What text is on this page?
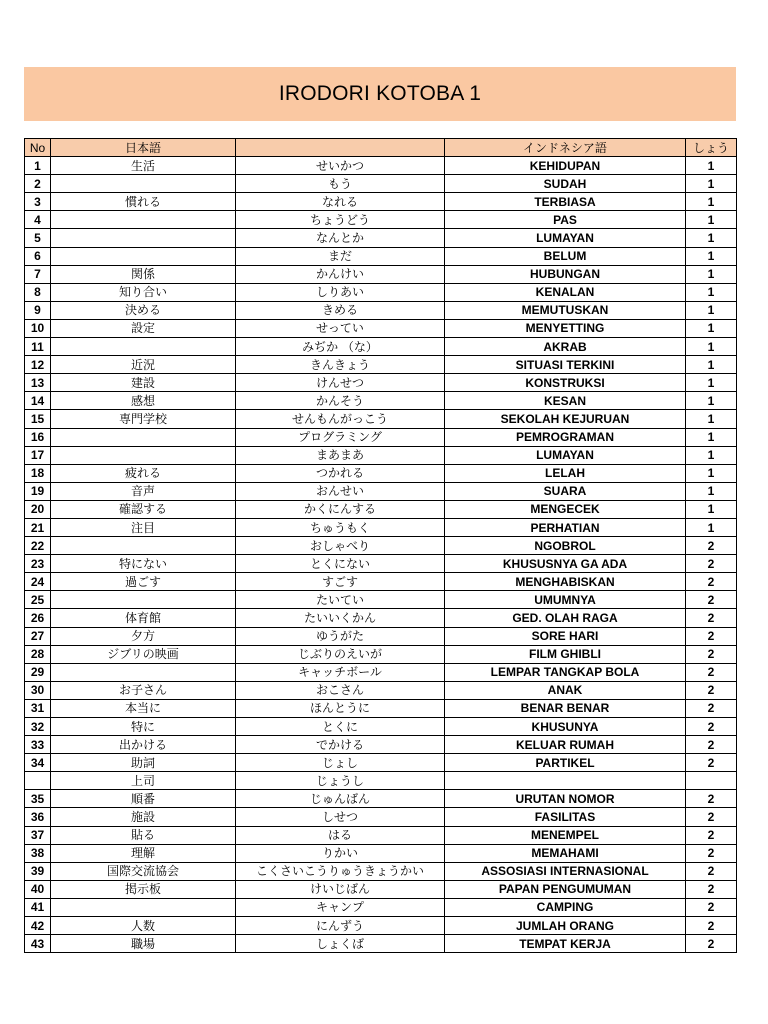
IRODORI KOTOBA 1
No	日本語		インドネシア語	しょう
1	生活	せいかつ	KEHIDUPAN	1
2		もう	SUDAH	1
3	慣れる	なれる	TERBIASA	1
4		ちょうどう	PAS	1
5		なんとか	LUMAYAN	1
6		まだ	BELUM	1
7	関係	かんけい	HUBUNGAN	1
8	知り合い	しりあい	KENALAN	1
9	決める	きめる	MEMUTUSKAN	1
10	設定	せってい	MENYETTING	1
11		みぢか （な）	AKRAB	1
12	近況	きんきょう	SITUASI TERKINI	1
13	建設	けんせつ	KONSTRUKSI	1
14	感想	かんそう	KESAN	1
15	専門学校	せんもんがっこう	SEKOLAH KEJURUAN	1
16		プログラミング	PEMROGRAMAN	1
17		まあまあ	LUMAYAN	1
18	疲れる	つかれる	LELAH	1
19	音声	おんせい	SUARA	1
20	確認する	かくにんする	MENGECEK	1
21	注目	ちゅうもく	PERHATIAN	1
22		おしゃべり	NGOBROL	2
23	特にない	とくにない	KHUSUSNYA GA ADA	2
24	過ごす	すごす	MENGHABISKAN	2
25		たいてい	UMUMNYA	2
26	体育館	たいいくかん	GED. OLAH RAGA	2
27	夕方	ゆうがた	SORE HARI	2
28	ジブリの映画	じぶりのえいが	FILM GHIBLI	2
29		キャッチボール	LEMPAR TANGKAP BOLA	2
30	お子さん	おこさん	ANAK	2
31	本当に	ほんとうに	BENAR BENAR	2
32	特に	とくに	KHUSUNYA	2
33	出かける	でかける	KELUAR RUMAH	2
34	助詞	じょし	PARTIKEL	2
	上司	じょうし		
35	順番	じゅんばん	URUTAN NOMOR	2
36	施設	しせつ	FASILITAS	2
37	貼る	はる	MENEMPEL	2
38	理解	りかい	MEMAHAMI	2
39	国際交流協会	こくさいこうりゅうきょうかい	ASSOSIASI INTERNASIONAL	2
40	掲示板	けいじばん	PAPAN PENGUMUMAN	2
41		キャンプ	CAMPING	2
42	人数	にんずう	JUMLAH ORANG	2
43	職場	しょくば	TEMPAT KERJA	2
